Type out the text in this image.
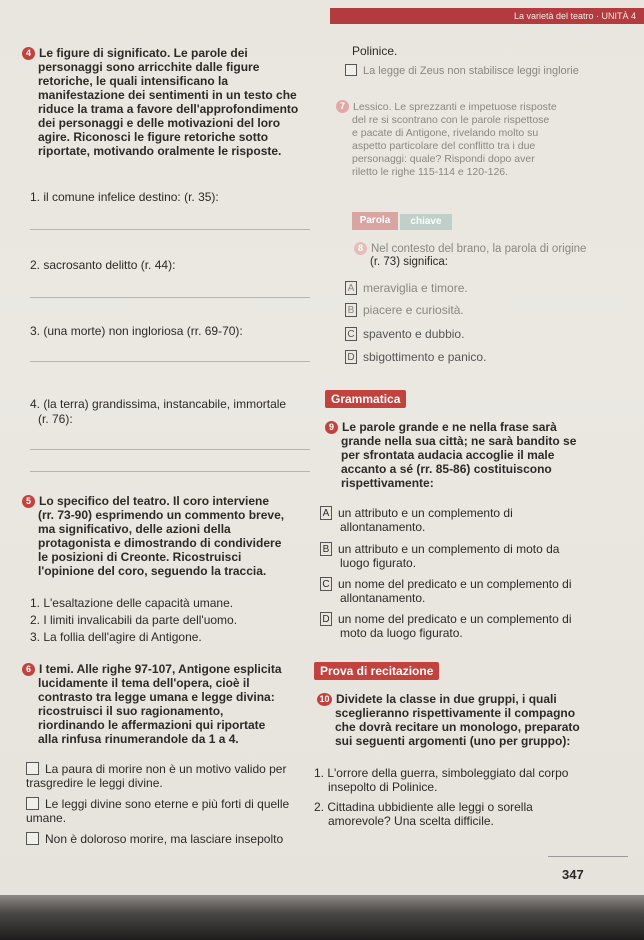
La varietà del teatro · UNITÀ 4
4 Le figure di significato. Le parole dei
personaggi sono arricchite dalle figure
retoriche, le quali intensificano la
manifestazione dei sentimenti in un testo che
riduce la trama a favore dell'approfondimento
dei personaggi e delle motivazioni del loro
agire. Riconosci le figure retoriche sotto
riportate, motivando oralmente le risposte.
1. il comune infelice destino: (r. 35):
2. sacrosanto delitto (r. 44):
3. (una morte) non ingloriosa (rr. 69-70):
4. (la terra) grandissima, instancabile, immortale
(r. 76):
5 Lo specifico del teatro. Il coro interviene
(rr. 73-90) esprimendo un commento breve,
ma significativo, delle azioni della
protagonista e dimostrando di condividere
le posizioni di Creonte. Ricostruisci
l'opinione del coro, seguendo la traccia.
1. L'esaltazione delle capacità umane.
2. I limiti invalicabili da parte dell'uomo.
3. La follia dell'agire di Antigone.
6 I temi. Alle righe 97-107, Antigone esplicita
lucidamente il tema dell'opera, cioè il
contrasto tra legge umana e legge divina:
ricostruisci il suo ragionamento,
riordinando le affermazioni qui riportate
alla rinfusa rinumerandole da 1 a 4.
La paura di morire non è un motivo valido per
trasgredire le leggi divine.
Le leggi divine sono eterne e più forti di quelle
umane.
Non è doloroso morire, ma lasciare insepolto
Polinice.
La legge di Zeus non stabilisce leggi inglorie
7 Lessico. Le sprezzanti e impetuose risposte
del re si scontrano con le parole rispettose
e pacate di Antigone, rivelando molto su
aspetto particolare del conflitto tra i due
personaggi: quale? Rispondi dopo aver
riletto le righe 115-114 e 120-126.
Parola	chiave
8 Nel contesto del brano, la parola di origine
(r. 73) significa:
A meraviglia e timore.
B piacere e curiosità.
C spavento e dubbio.
D sbigottimento e panico.
Grammatica
9 Le parole grande e ne nella frase sarà
grande nella sua città; ne sarà bandito se
per sfrontata audacia accoglie il male
accanto a sé (rr. 85-86) costituiscono
rispettivamente:
A un attributo e un complemento di
allontanamento.
B un attributo e un complemento di moto da
luogo figurato.
C un nome del predicato e un complemento di
allontanamento.
D un nome del predicato e un complemento di
moto da luogo figurato.
Prova di recitazione
10 Dividete la classe in due gruppi, i quali
sceglieranno rispettivamente il compagno
che dovrà recitare un monologo, preparato
sui seguenti argomenti (uno per gruppo):
1. L'orrore della guerra, simboleggiato dal corpo
insepolto di Polinice.
2. Cittadina ubbidiente alle leggi o sorella
amorevole? Una scelta difficile.
347
